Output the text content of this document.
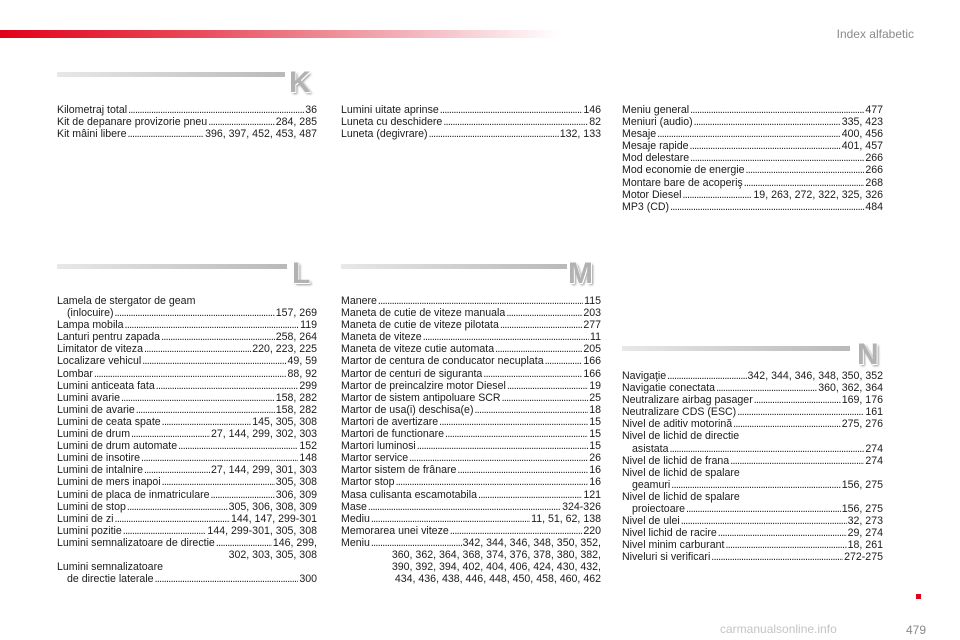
Index alfabetic
K
L	M
N
Kilometraj total . . .	36
Kit de depanare provizorie pneu . . .	284, 285
Kit mâini libere . . .	396, 397, 452, 453, 487
Lumini uitate aprinse . . .	146
Luneta cu deschidere . . .	82
Luneta (degivrare) . . .	132, 133
Meniu general . . .	477
Meniuri (audio) . . .	335, 423
Mesaje . . .	400, 456
Mesaje rapide . . .	401, 457
Mod delestare . . .	266
Mod economie de energie . . .	266
Montare bare de acoperiş . . .	268
Motor Diesel . . .	19, 263, 272, 322, 325, 326
MP3 (CD) . . .	484
Lamela de stergator de geam
(inlocuire) . . .	157, 269
Lampa mobila . . .	119
Lanturi pentru zapada . . .	258, 264
Limitator de viteza . . .	220, 223, 225
Localizare vehicul . . .	49, 59
Lombar . . .	88, 92
Lumini anticeata fata . . .	299
Lumini avarie . . .	158, 282
Lumini de avarie . . .	158, 282
Lumini de ceata spate . . .	145, 305, 308
Lumini de drum . . .	27, 144, 299, 302, 303
Lumini de drum automate . . .	152
Lumini de insotire . . .	148
Lumini de intalnire . . .	27, 144, 299, 301, 303
Lumini de mers inapoi . . .	305, 308
Lumini de placa de inmatriculare . . .	306, 309
Lumini de stop . . .	305, 306, 308, 309
Lumini de zi . . .	144, 147, 299-301
Lumini pozitie . . .	144, 299-301, 305, 308
Lumini semnalizatoare de directie . . .	146, 299,
302, 303, 305, 308
Lumini semnalizatoare
de directie laterale . . .	300
Manere . . .	115
Maneta de cutie de viteze manuala . . .	203
Maneta de cutie de viteze pilotata . . .	277
Maneta de viteze . . .	11
Maneta de viteze cutie automata . . .	205
Martor de centura de conducator necuplata . . .	166
Martor de centuri de siguranta . . .	166
Martor de preincalzire motor Diesel . . .	19
Martor de sistem antipoluare SCR . . .	25
Martor de usa(i) deschisa(e) . . .	18
Martori de avertizare . . .	15
Martori de functionare . . .	15
Martori luminosi . . .	15
Martor service . . .	26
Martor sistem de frânare . . .	16
Martor stop . . .	16
Masa culisanta escamotabila . . .	121
Mase . . .	324-326
Mediu . . .	11, 51, 62, 138
Memorarea unei viteze . . .	220
Meniu . . .	342, 344, 346, 348, 350, 352,
360, 362, 364, 368, 374, 376, 378, 380, 382,
390, 392, 394, 402, 404, 406, 424, 430, 432,
434, 436, 438, 446, 448, 450, 458, 460, 462
Navigaţie . . .	342, 344, 346, 348, 350, 352
Navigatie conectata . . .	360, 362, 364
Neutralizare airbag pasager . . .	169, 176
Neutralizare CDS (ESC) . . .	161
Nivel de aditiv motorină . . .	275, 276
Nivel de lichid de directie
asistata . . .	274
Nivel de lichid de frana . . .	274
Nivel de lichid de spalare
geamuri . . .	156, 275
Nivel de lichid de spalare
proiectoare . . .	156, 275
Nivel de ulei . . .	32, 273
Nivel lichid de racire . . .	29, 274
Nivel minim carburant . . .	18, 261
Niveluri si verificari . . .	272-275
479
carmanualsonline.info
